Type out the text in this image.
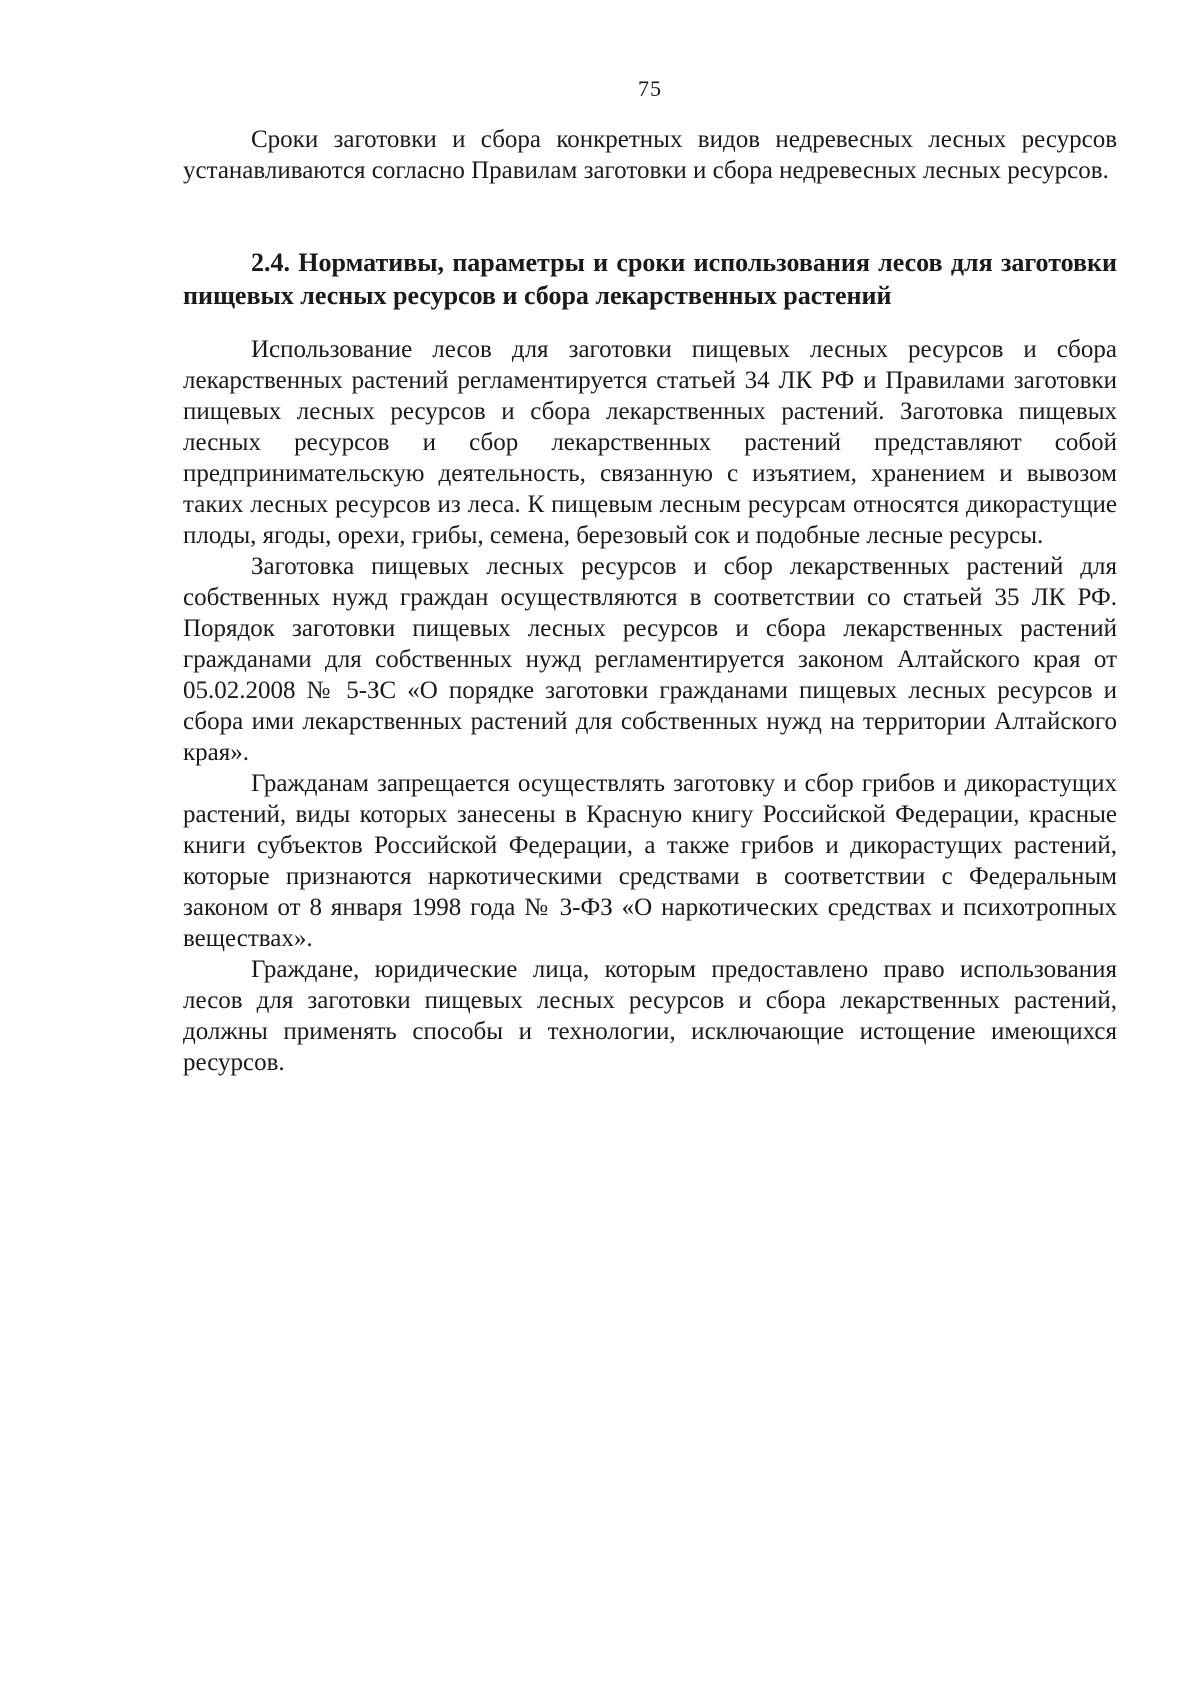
75

Сроки заготовки и сбора конкретных видов недревесных лесных ресурсов устанавливаются согласно Правилам заготовки и сбора недревесных лесных ресурсов.

2.4. Нормативы, параметры и сроки использования лесов для заготовки пищевых лесных ресурсов и сбора лекарственных растений

Использование лесов для заготовки пищевых лесных ресурсов и сбора лекарственных растений регламентируется статьей 34 ЛК РФ и Правилами заготовки пищевых лесных ресурсов и сбора лекарственных растений. Заготовка пищевых лесных ресурсов и сбор лекарственных растений представляют собой предпринимательскую деятельность, связанную с изъятием, хранением и вывозом таких лесных ресурсов из леса. К пищевым лесным ресурсам относятся дикорастущие плоды, ягоды, орехи, грибы, семена, березовый сок и подобные лесные ресурсы.

Заготовка пищевых лесных ресурсов и сбор лекарственных растений для собственных нужд граждан осуществляются в соответствии со статьей 35 ЛК РФ. Порядок заготовки пищевых лесных ресурсов и сбора лекарственных растений гражданами для собственных нужд регламентируется законом Алтайского края от 05.02.2008 № 5-ЗС «О порядке заготовки гражданами пищевых лесных ресурсов и сбора ими лекарственных растений для собственных нужд на территории Алтайского края».

Гражданам запрещается осуществлять заготовку и сбор грибов и дикорастущих растений, виды которых занесены в Красную книгу Российской Федерации, красные книги субъектов Российской Федерации, а также грибов и дикорастущих растений, которые признаются наркотическими средствами в соответствии с Федеральным законом от 8 января 1998 года № 3-ФЗ «О наркотических средствах и психотропных веществах».

Граждане, юридические лица, которым предоставлено право использования лесов для заготовки пищевых лесных ресурсов и сбора лекарственных растений, должны применять способы и технологии, исключающие истощение имеющихся ресурсов.
